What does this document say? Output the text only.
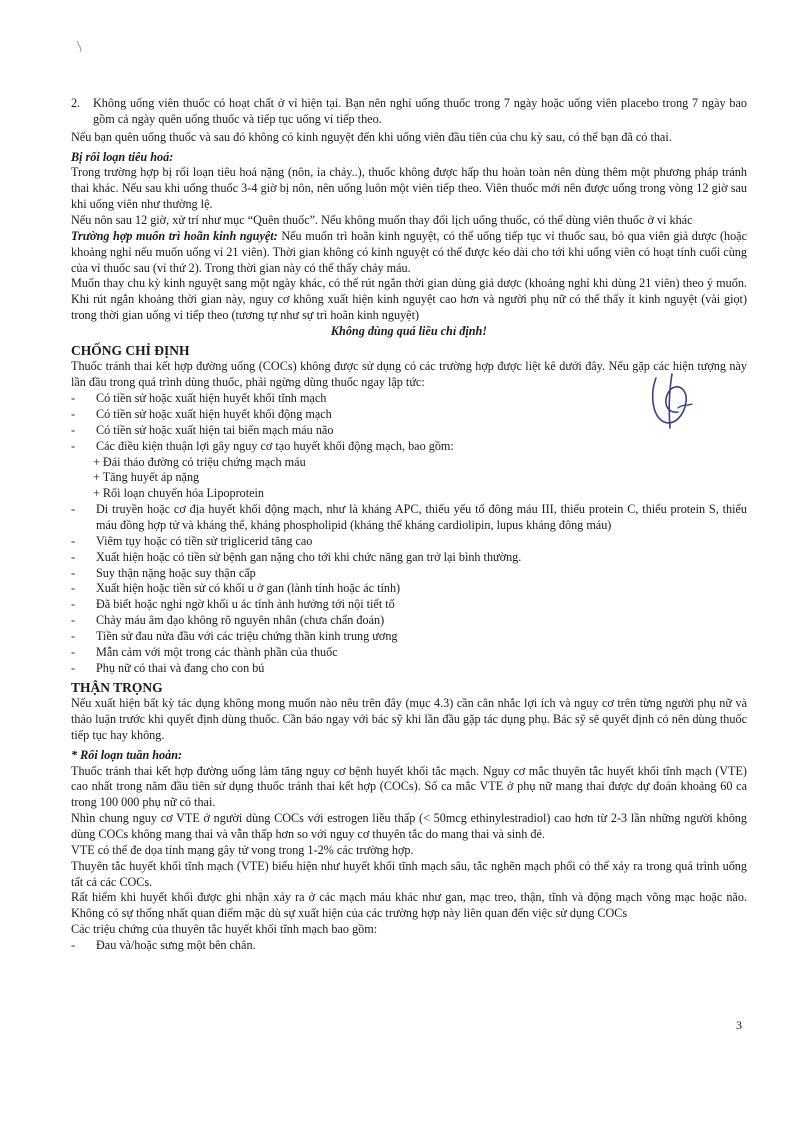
2.	Không uống viên thuốc có hoạt chất ở vỉ hiện tại. Bạn nên nghỉ uống thuốc trong 7 ngày hoặc uống viên placebo trong 7 ngày bao gồm cả ngày quên uống thuốc và tiếp tục uống vỉ tiếp theo.

Nếu bạn quên uống thuốc và sau đó không có kinh nguyệt đến khi uống viên đầu tiên của chu kỳ sau, có thể bạn đã có thai.

Bị rối loạn tiêu hoá:

Trong trường hợp bị rối loạn tiêu hoá nặng (nôn, ỉa chảy..), thuốc không được hấp thu hoàn toàn nên dùng thêm một phương pháp tránh thai khác. Nếu sau khi uống thuốc 3-4 giờ bị nôn, nên uống luôn một viên tiếp theo. Viên thuốc mới nên được uống trong vòng 12 giờ sau khi uống viên như thường lệ.

Nếu nôn sau 12 giờ, xử trí như mục “Quên thuốc”. Nếu không muốn thay đổi lịch uống thuốc, có thể dùng viên thuốc ở vỉ khác

Trường hợp muốn trì hoãn kinh nguyệt: Nếu muốn trì hoãn kinh nguyệt, có thể uống tiếp tục vỉ thuốc sau, bỏ qua viên giả dược (hoặc khoảng nghỉ nếu muốn uống vỉ 21 viên). Thời gian không có kinh nguyệt có thể được kéo dài cho tới khi uống viên có hoạt tính cuối cùng của vỉ thuốc sau (vỉ thứ 2). Trong thời gian này có thể thấy chảy máu.

Muốn thay chu kỳ kinh nguyệt sang một ngày khác, có thể rút ngắn thời gian dùng giả dược (khoảng nghỉ khi dùng 21 viên) theo ý muốn. Khi rút ngắn khoảng thời gian này, nguy cơ không xuất hiện kinh nguyệt cao hơn và người phụ nữ có thể thấy ít kinh nguyệt (vài giọt) trong thời gian uống vỉ tiếp theo (tương tự như sự trì hoãn kinh nguyệt)

Không dùng quá liều chỉ định!

CHỐNG CHỈ ĐỊNH

Thuốc tránh thai kết hợp đường uống (COCs) không được sử dụng có các trường hợp được liệt kê dưới đây. Nếu gặp các hiện tượng này lần đầu trong quá trình dùng thuốc, phải ngừng dùng thuốc ngay lập tức:

-	Có tiền sử hoặc xuất hiện huyết khối tĩnh mạch
-	Có tiền sử hoặc xuất hiện huyết khối động mạch
-	Có tiền sử hoặc xuất hiện tai biến mạch máu não
-	Các điều kiện thuận lợi gây nguy cơ tạo huyết khối động mạch, bao gồm:

+ Đái tháo đường có triệu chứng mạch máu

+ Tăng huyết áp nặng

+ Rối loạn chuyển hóa Lipoprotein

-	Di truyền hoặc cơ địa huyết khối động mạch, như là kháng APC, thiếu yếu tố đông máu III, thiếu protein C, thiếu protein S, thiếu máu đồng hợp tử và kháng thể, kháng phospholipid (kháng thể kháng cardiolipin, lupus kháng đông máu)
-	Viêm tụy hoặc có tiền sử triglicerid tăng cao
-	Xuất hiện hoặc có tiền sử bệnh gan nặng cho tới khi chức năng gan trở lại bình thường.
-	Suy thận nặng hoặc suy thận cấp
-	Xuất hiện hoặc tiền sử có khối u ở gan (lành tính hoặc ác tính)
-	Đã biết hoặc nghi ngờ khối u ác tính ảnh hưởng tới nội tiết tố
-	Chảy máu âm đạo không rõ nguyên nhân (chưa chẩn đoán)
-	Tiền sử đau nửa đầu với các triệu chứng thần kinh trung ương
-	Mẫn cảm với một trong các thành phần của thuốc
-	Phụ nữ có thai và đang cho con bú

THẬN TRỌNG

Nếu xuất hiện bất kỳ tác dụng không mong muốn nào nêu trên đây (mục 4.3) cần cân nhắc lợi ích và nguy cơ trên từng người phụ nữ và thảo luận trước khi quyết định dùng thuốc. Cần báo ngay với bác sỹ khi lần đầu gặp tác dụng phụ. Bác sỹ sẽ quyết định có nên dùng thuốc tiếp tục hay không.

* Rối loạn tuần hoàn:

Thuốc tránh thai kết hợp đường uống làm tăng nguy cơ bệnh huyết khối tắc mạch. Nguy cơ mắc thuyên tắc huyết khối tĩnh mạch (VTE) cao nhất trong năm đầu tiên sử dụng thuốc tránh thai kết hợp (COCs). Số ca mắc VTE ở phụ nữ mang thai được dự đoán khoảng 60 ca trong 100 000 phụ nữ có thai.

Nhìn chung nguy cơ VTE ở người dùng COCs với estrogen liều thấp (< 50mcg ethinylestradiol) cao hơn từ 2-3 lần những người không dùng COCs không mang thai và vẫn thấp hơn so với nguy cơ thuyên tắc do mang thai và sinh đẻ.

VTE có thể đe dọa tính mạng gây tử vong trong 1-2% các trường hợp.

Thuyên tắc huyết khối tĩnh mạch (VTE) biểu hiện như huyết khối tĩnh mạch sâu, tắc nghẽn mạch phổi có thể xảy ra trong quá trình uống tất cả các COCs.

Rất hiếm khi huyết khối được ghi nhận xảy ra ở các mạch máu khác như gan, mạc treo, thận, tĩnh và động mạch võng mạc hoặc não. Không có sự thống nhất quan điểm mặc dù sự xuất hiện của các trường hợp này liên quan đến việc sử dụng COCs

Các triệu chứng của thuyên tắc huyết khối tĩnh mạch bao gồm:

-	Đau và/hoặc sưng một bên chân.
3
